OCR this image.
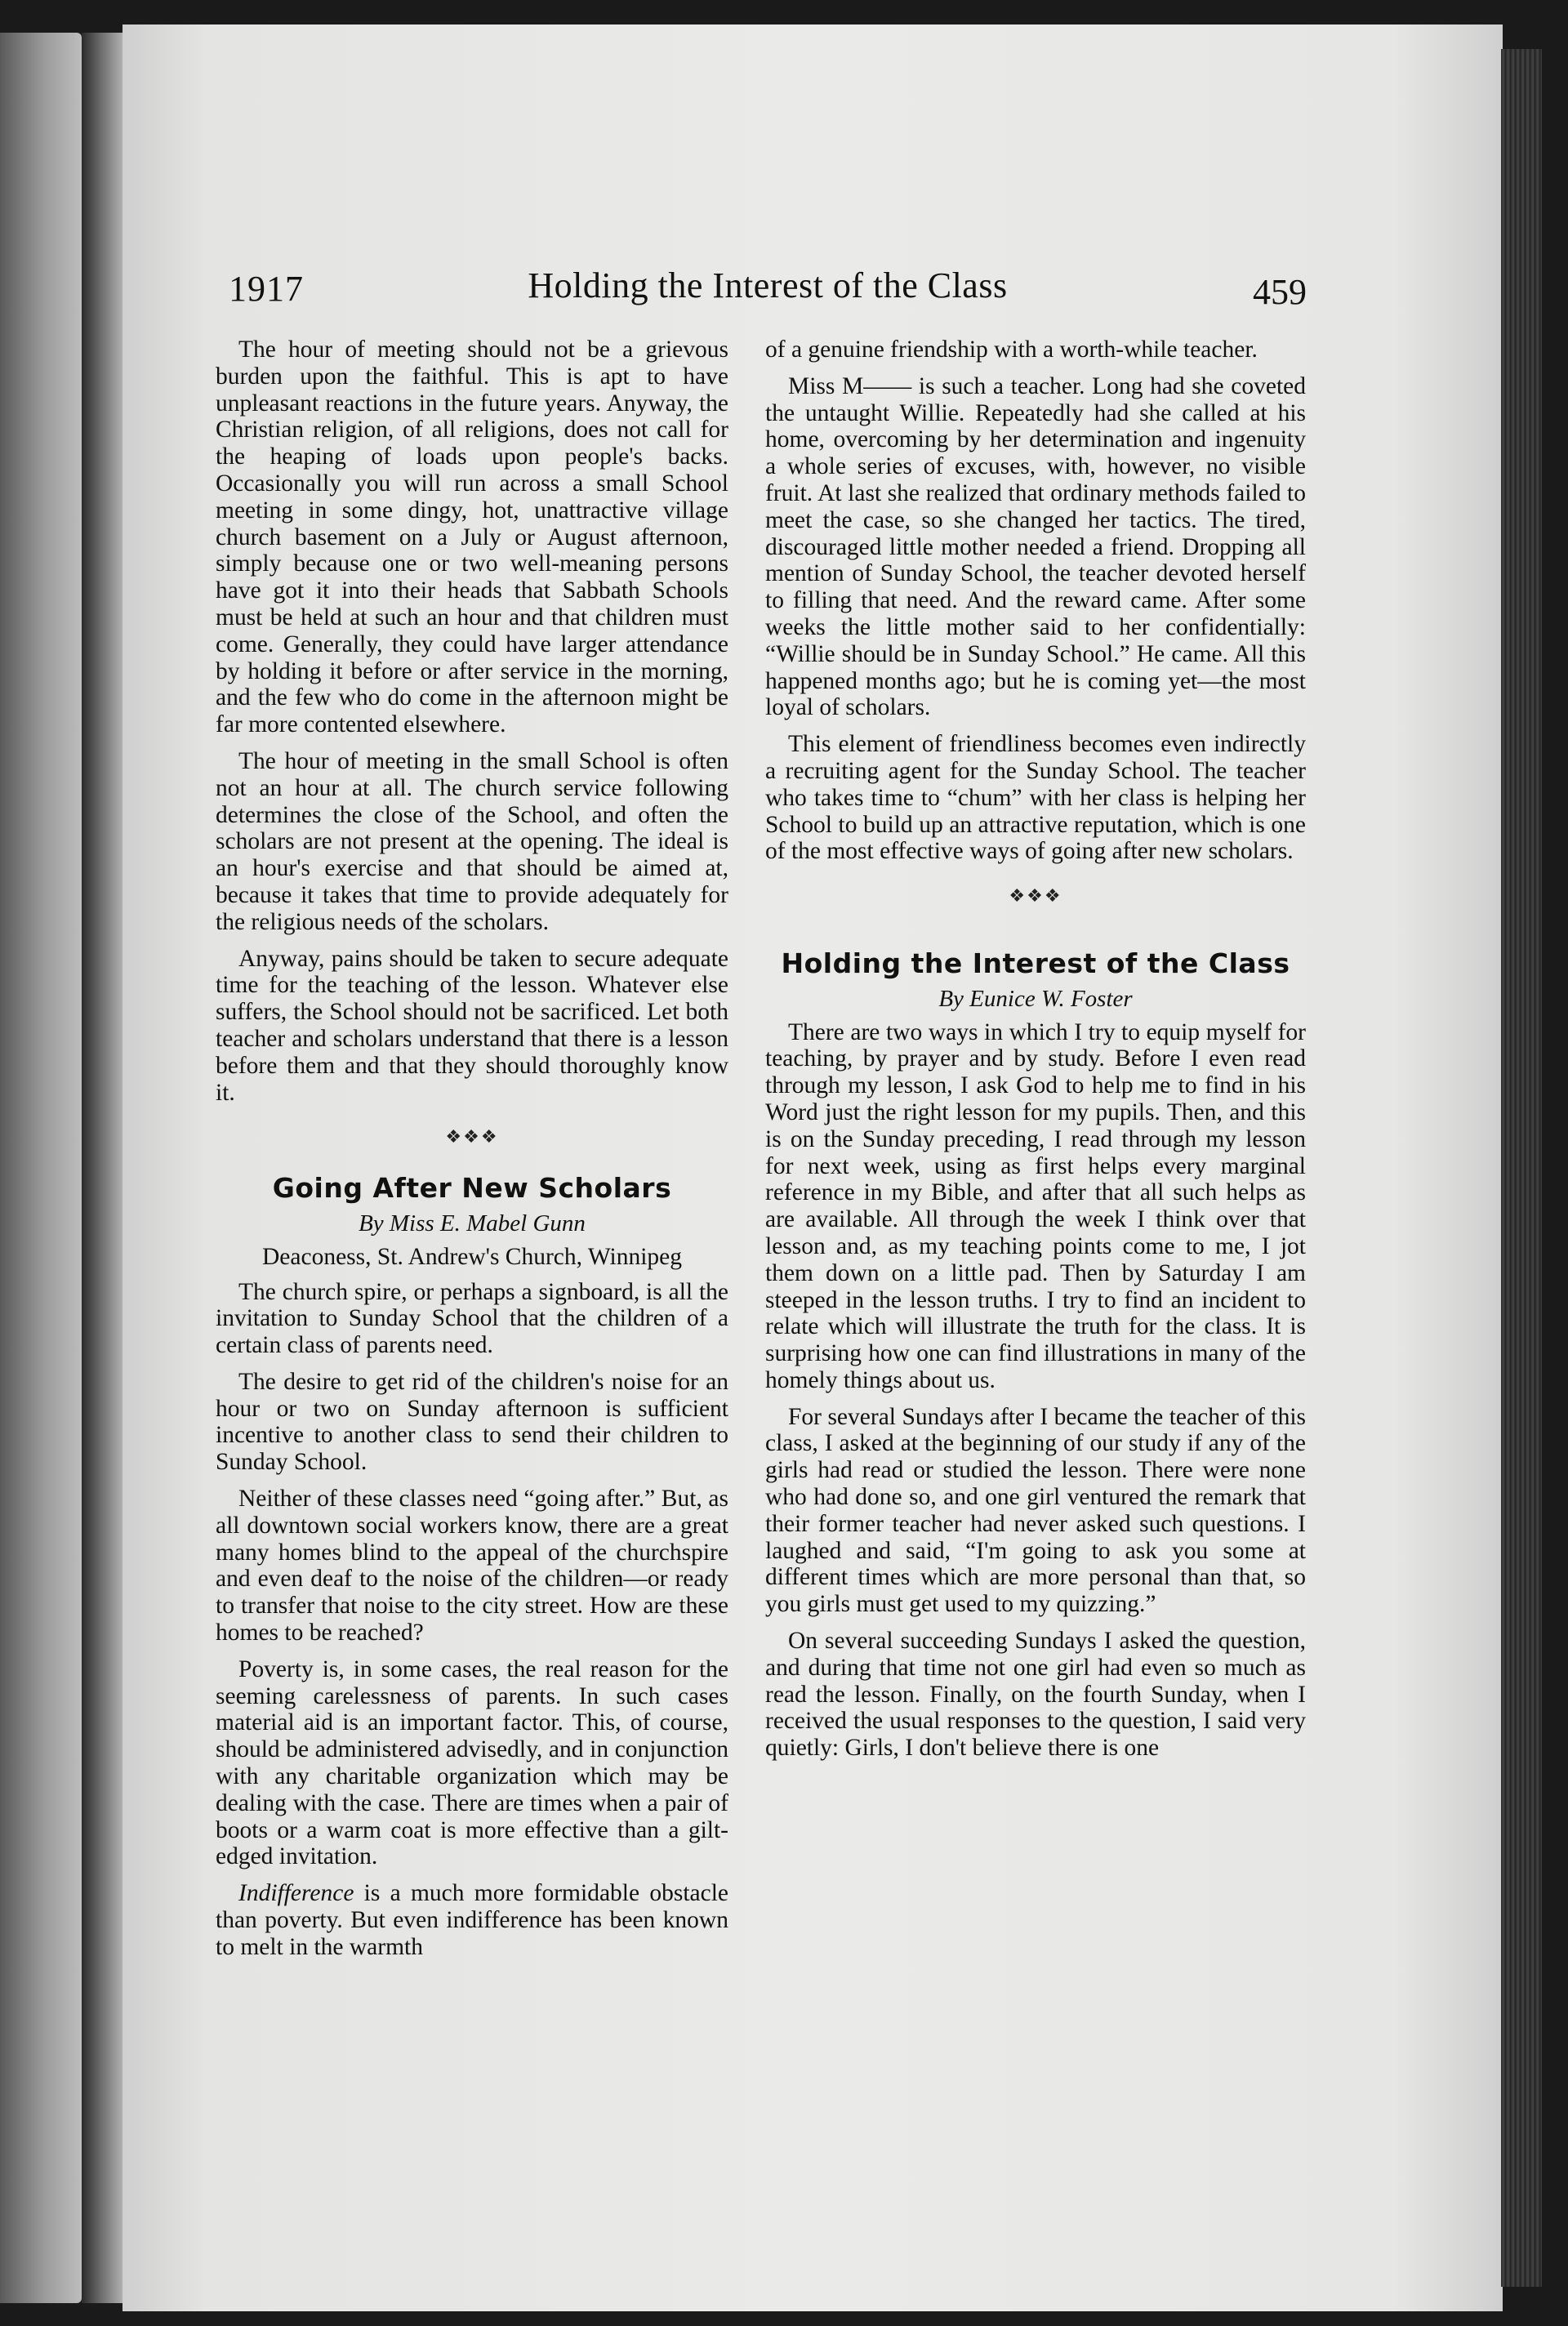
1917	Holding the Interest of the Class	459

The hour of meeting should not be a grievous burden upon the faithful. This is apt to have unpleasant reactions in the future years. Anyway, the Christian religion, of all religions, does not call for the heaping of loads upon people's backs. Occasionally you will run across a small School meeting in some dingy, hot, unattractive village church basement on a July or August afternoon, simply because one or two well-meaning persons have got it into their heads that Sabbath Schools must be held at such an hour and that children must come. Generally, they could have larger attendance by holding it before or after service in the morning, and the few who do come in the afternoon might be far more contented elsewhere.

The hour of meeting in the small School is often not an hour at all. The church service following determines the close of the School, and often the scholars are not present at the opening. The ideal is an hour's exercise and that should be aimed at, because it takes that time to provide adequately for the religious needs of the scholars.

Anyway, pains should be taken to secure adequate time for the teaching of the lesson. Whatever else suffers, the School should not be sacrificed. Let both teacher and scholars understand that there is a lesson before them and that they should thoroughly know it.

❖❖❖
Going After New Scholars
By Miss E. Mabel Gunn
Deaconess, St. Andrew's Church, Winnipeg

The church spire, or perhaps a signboard, is all the invitation to Sunday School that the children of a certain class of parents need.

The desire to get rid of the children's noise for an hour or two on Sunday afternoon is sufficient incentive to another class to send their children to Sunday School.

Neither of these classes need “going after.” But, as all downtown social workers know, there are a great many homes blind to the appeal of the churchspire and even deaf to the noise of the children—or ready to transfer that noise to the city street. How are these homes to be reached?

Poverty is, in some cases, the real reason for the seeming carelessness of parents. In such cases material aid is an important factor. This, of course, should be administered advisedly, and in conjunction with any charitable organization which may be dealing with the case. There are times when a pair of boots or a warm coat is more effective than a gilt-edged invitation.

Indifference is a much more formidable obstacle than poverty. But even indifference has been known to melt in the warmth

of a genuine friendship with a worth-while teacher.

Miss M—— is such a teacher. Long had she coveted the untaught Willie. Repeatedly had she called at his home, overcoming by her determination and ingenuity a whole series of excuses, with, however, no visible fruit. At last she realized that ordinary methods failed to meet the case, so she changed her tactics. The tired, discouraged little mother needed a friend. Dropping all mention of Sunday School, the teacher devoted herself to filling that need. And the reward came. After some weeks the little mother said to her confidentially: “Willie should be in Sunday School.” He came. All this happened months ago; but he is coming yet—the most loyal of scholars.

This element of friendliness becomes even indirectly a recruiting agent for the Sunday School. The teacher who takes time to “chum” with her class is helping her School to build up an attractive reputation, which is one of the most effective ways of going after new scholars.

❖❖❖
Holding the Interest of the Class
By Eunice W. Foster

There are two ways in which I try to equip myself for teaching, by prayer and by study. Before I even read through my lesson, I ask God to help me to find in his Word just the right lesson for my pupils. Then, and this is on the Sunday preceding, I read through my lesson for next week, using as first helps every marginal reference in my Bible, and after that all such helps as are available. All through the week I think over that lesson and, as my teaching points come to me, I jot them down on a little pad. Then by Saturday I am steeped in the lesson truths. I try to find an incident to relate which will illustrate the truth for the class. It is surprising how one can find illustrations in many of the homely things about us.

For several Sundays after I became the teacher of this class, I asked at the beginning of our study if any of the girls had read or studied the lesson. There were none who had done so, and one girl ventured the remark that their former teacher had never asked such questions. I laughed and said, “I'm going to ask you some at different times which are more personal than that, so you girls must get used to my quizzing.”

On several succeeding Sundays I asked the question, and during that time not one girl had even so much as read the lesson. Finally, on the fourth Sunday, when I received the usual responses to the question, I said very quietly: Girls, I don't believe there is one
